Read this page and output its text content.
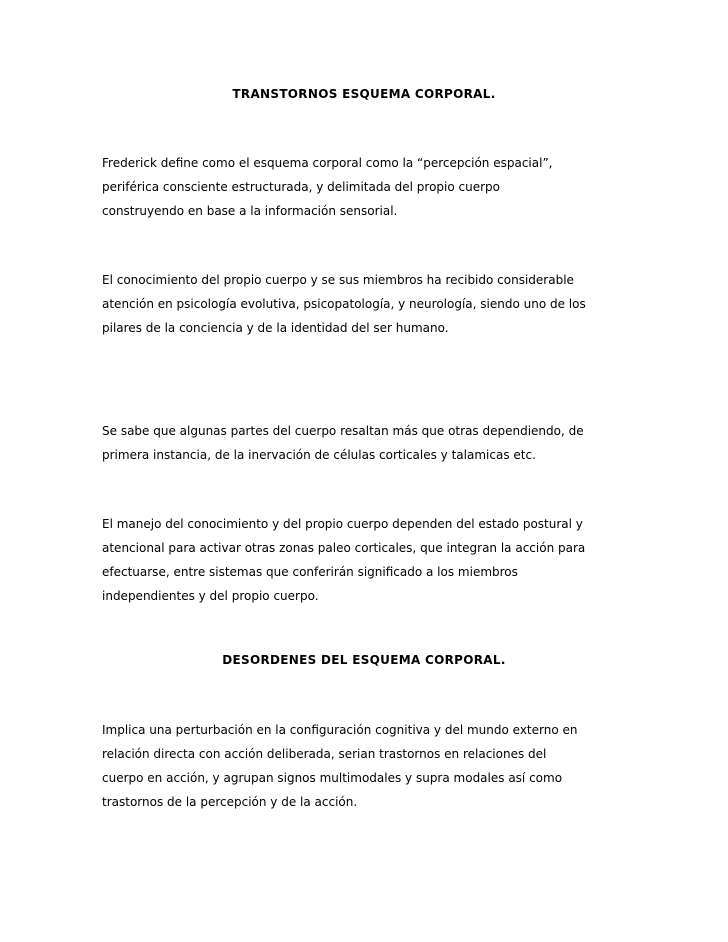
TRANSTORNOS ESQUEMA CORPORAL.
Frederick define como el esquema corporal como la “percepción espacial”,
periférica consciente estructurada, y delimitada del propio cuerpo
construyendo en base a la información sensorial.
El conocimiento del propio cuerpo y se sus miembros ha recibido considerable
atención en psicología evolutiva, psicopatología, y neurología, siendo uno de los
pilares de la conciencia y de la identidad del ser humano.
Se sabe que algunas partes del cuerpo resaltan más que otras dependiendo, de
primera instancia, de la inervación de células corticales y talamicas etc.
El manejo del conocimiento y del propio cuerpo dependen del estado postural y
atencional para activar otras zonas paleo corticales, que integran la acción para
efectuarse, entre sistemas que conferirán significado a los miembros
independientes y del propio cuerpo.
DESORDENES DEL ESQUEMA CORPORAL.
Implica una perturbación en la configuración cognitiva y del mundo externo en
relación directa con acción deliberada, serian trastornos en relaciones del
cuerpo en acción, y agrupan signos multimodales y supra modales así como
trastornos de la percepción y de la acción.
